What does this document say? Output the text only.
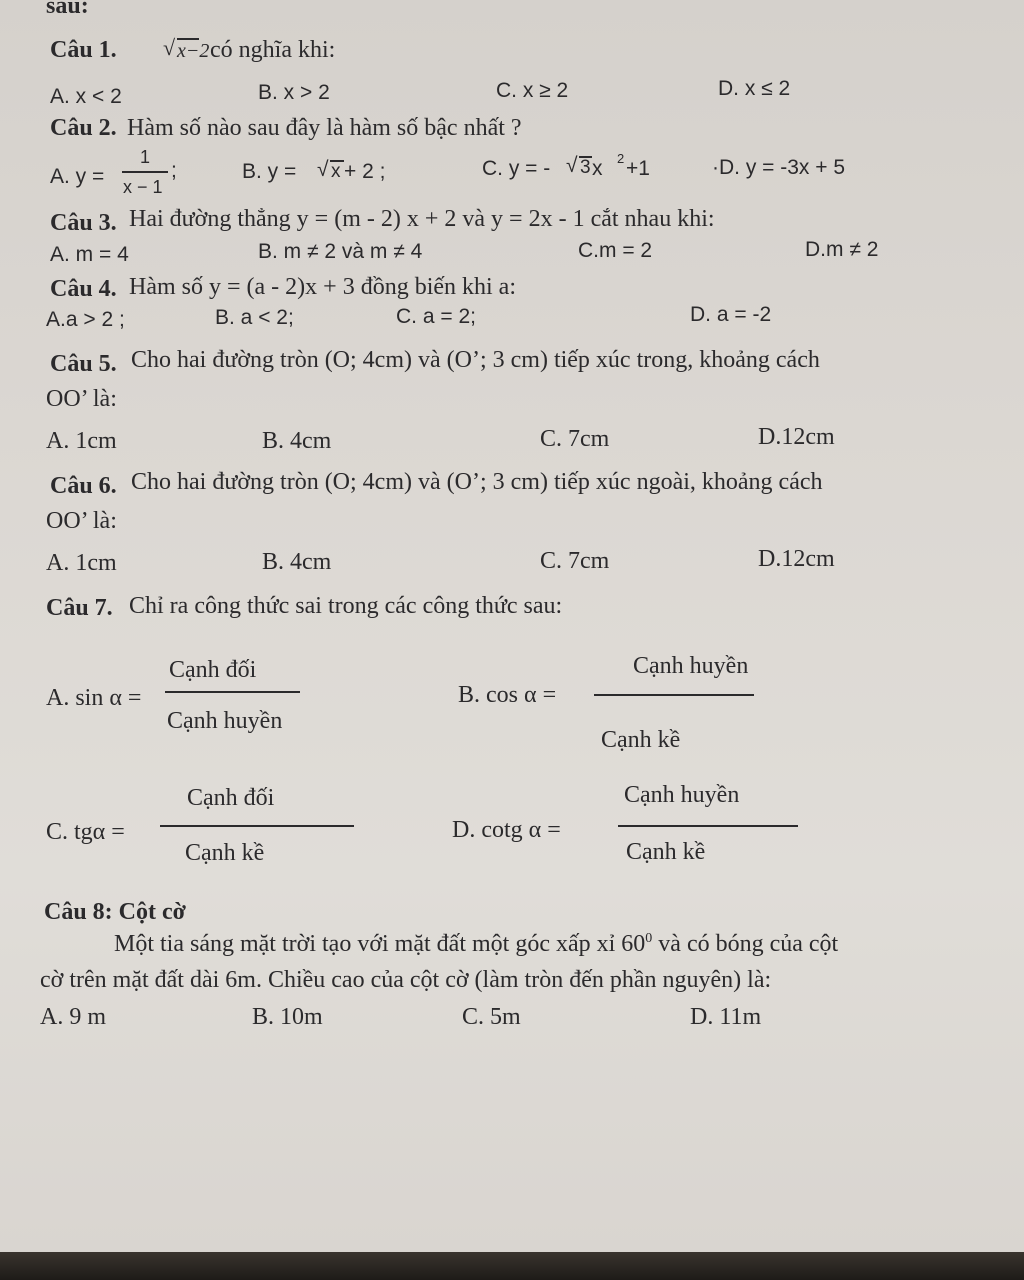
sau:
Câu 1. √ x−2 có nghĩa khi:
A. x < 2	B. x > 2	C. x ≥ 2	D. x ≤ 2
Câu 2. Hàm số nào sau đây là hàm số bậc nhất ?
A. y =
1
x − 1
;	B. y = √ x + 2 ;	C. y = - √ 3 x 2 +1	·D. y = -3x + 5
Câu 3. Hai đường thẳng y = (m - 2) x + 2 và y = 2x - 1 cắt nhau khi:
A. m = 4	B. m ≠ 2 và m ≠ 4	C.m = 2	D.m ≠ 2
Câu 4. Hàm số y = (a - 2)x + 3 đồng biến khi a:
A.a > 2 ;	B. a < 2;	C. a = 2;	D. a = -2
Câu 5. Cho hai đường tròn (O; 4cm) và (O’; 3 cm) tiếp xúc trong, khoảng cách
OO’ là:
A. 1cm	B. 4cm	C. 7cm	D.12cm
Câu 6. Cho hai đường tròn (O; 4cm) và (O’; 3 cm) tiếp xúc ngoài, khoảng cách
OO’ là:
A. 1cm	B. 4cm	C. 7cm	D.12cm
Câu 7. Chỉ ra công thức sai trong các công thức sau:
A. sin α =
Cạnh đối
Cạnh huyền
B. cos α =
Cạnh huyền
Cạnh kề
C. tgα =
Cạnh đối
Cạnh kề
D. cotg α =
Cạnh huyền
Cạnh kề
Câu 8: Cột cờ
Một tia sáng mặt trời tạo với mặt đất một góc xấp xỉ $60^0$ và có bóng của cột
cờ trên mặt đất dài 6m. Chiều cao của cột cờ (làm tròn đến phần nguyên) là:
A. 9 m	B. 10m	C. 5m	D. 11m
